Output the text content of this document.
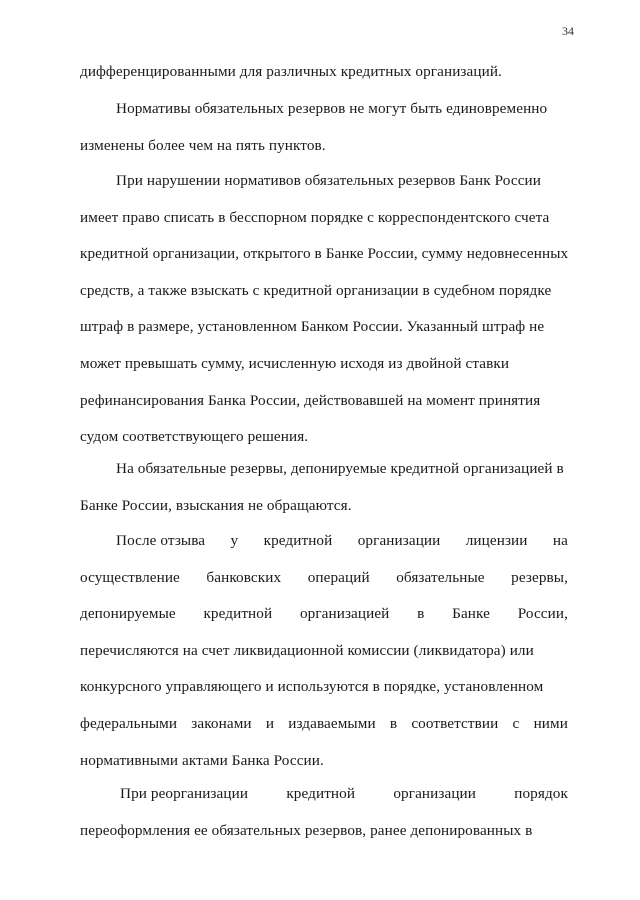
34
дифференцированными для различных кредитных организаций.
Нормативы обязательных резервов не могут быть единовременно
изменены более чем на пять пунктов.
При нарушении нормативов обязательных резервов Банк России
имеет право списать в бесспорном порядке с корреспондентского счета
кредитной организации, открытого в Банке России, сумму недовнесенных
средств, а также взыскать с кредитной организации в судебном порядке
штраф в размере, установленном Банком России. Указанный штраф не
может превышать сумму, исчисленную исходя из двойной ставки
рефинансирования Банка России, действовавшей на момент принятия
судом соответствующего решения.
На обязательные резервы, депонируемые кредитной организацией в
Банке России, взыскания не обращаются.
После отзыва у кредитной организации лицензии на
осуществление банковских операций обязательные резервы,
депонируемые кредитной организацией в Банке России,
перечисляются на счет ликвидационной комиссии (ликвидатора) или
конкурсного управляющего и используются в порядке, установленном
федеральными законами и издаваемыми в соответствии с ними
нормативными актами Банка России.
При реорганизации	кредитной	организации	порядок
переоформления ее обязательных резервов, ранее депонированных в
